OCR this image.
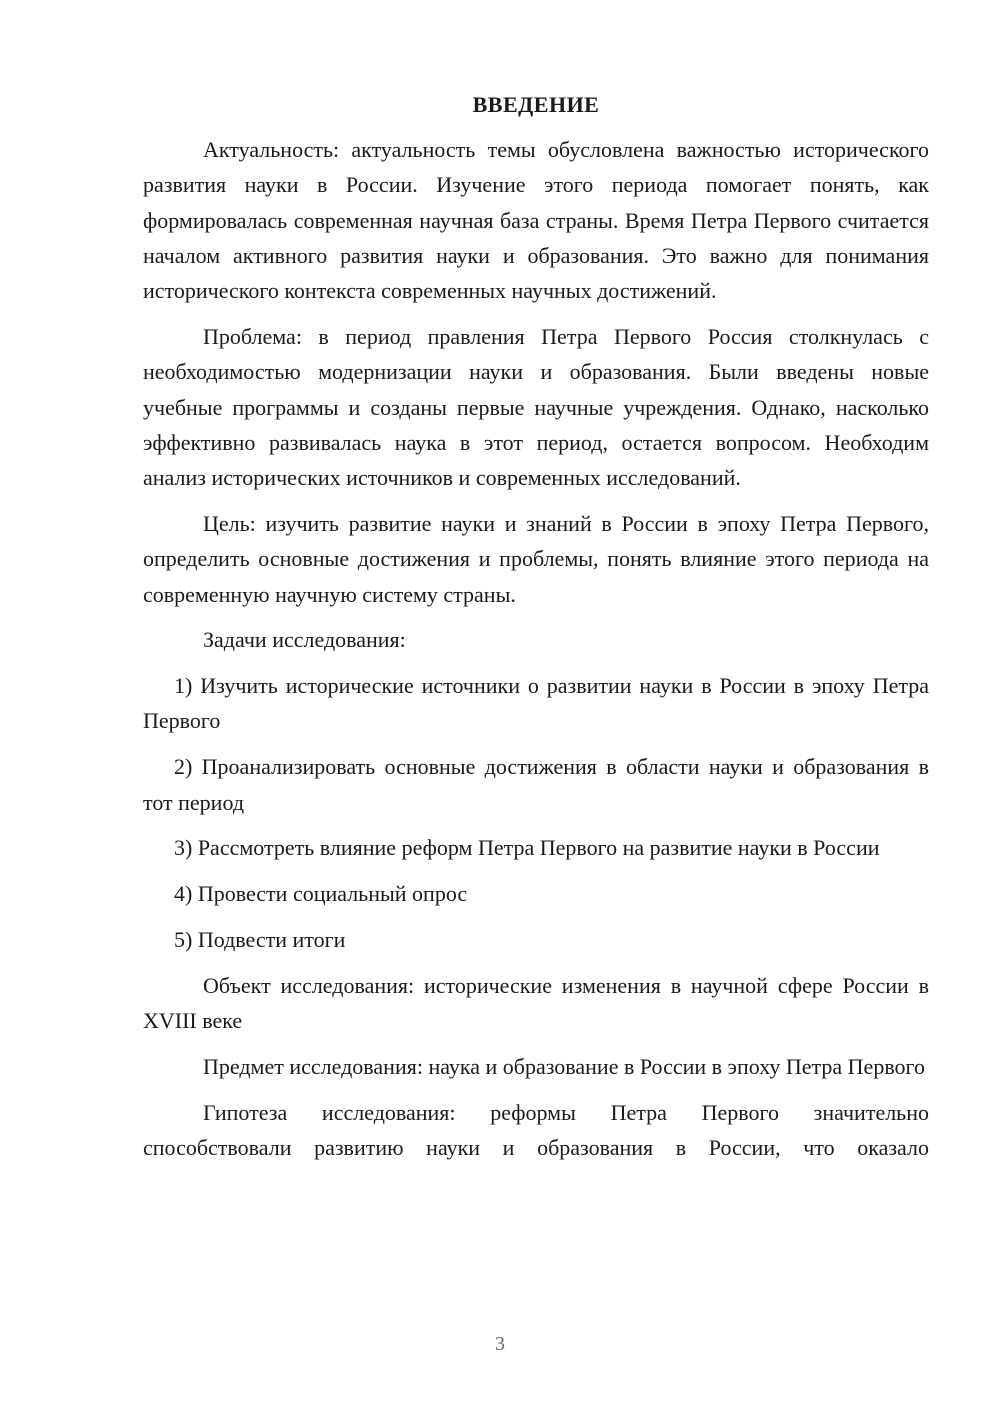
ВВЕДЕНИЕ

Актуальность: актуальность темы обусловлена важностью исторического развития науки в России. Изучение этого периода помогает понять, как формировалась современная научная база страны. Время Петра Первого считается началом активного развития науки и образования. Это важно для понимания исторического контекста современных научных достижений.

Проблема: в период правления Петра Первого Россия столкнулась с необходимостью модернизации науки и образования. Были введены новые учебные программы и созданы первые научные учреждения. Однако, насколько эффективно развивалась наука в этот период, остается вопросом. Необходим анализ исторических источников и современных исследований.

Цель: изучить развитие науки и знаний в России в эпоху Петра Первого, определить основные достижения и проблемы, понять влияние этого периода на современную научную систему страны.

Задачи исследования:

1) Изучить исторические источники о развитии науки в России в эпоху Петра Первого

2) Проанализировать основные достижения в области науки и образования в тот период

3) Рассмотреть влияние реформ Петра Первого на развитие науки в России

4) Провести социальный опрос

5) Подвести итоги

Объект исследования: исторические изменения в научной сфере России в XVIII веке

Предмет исследования: наука и образование в России в эпоху Петра Первого

Гипотеза исследования: реформы Петра Первого значительно способствовали развитию науки и образования в России, что оказало

3
